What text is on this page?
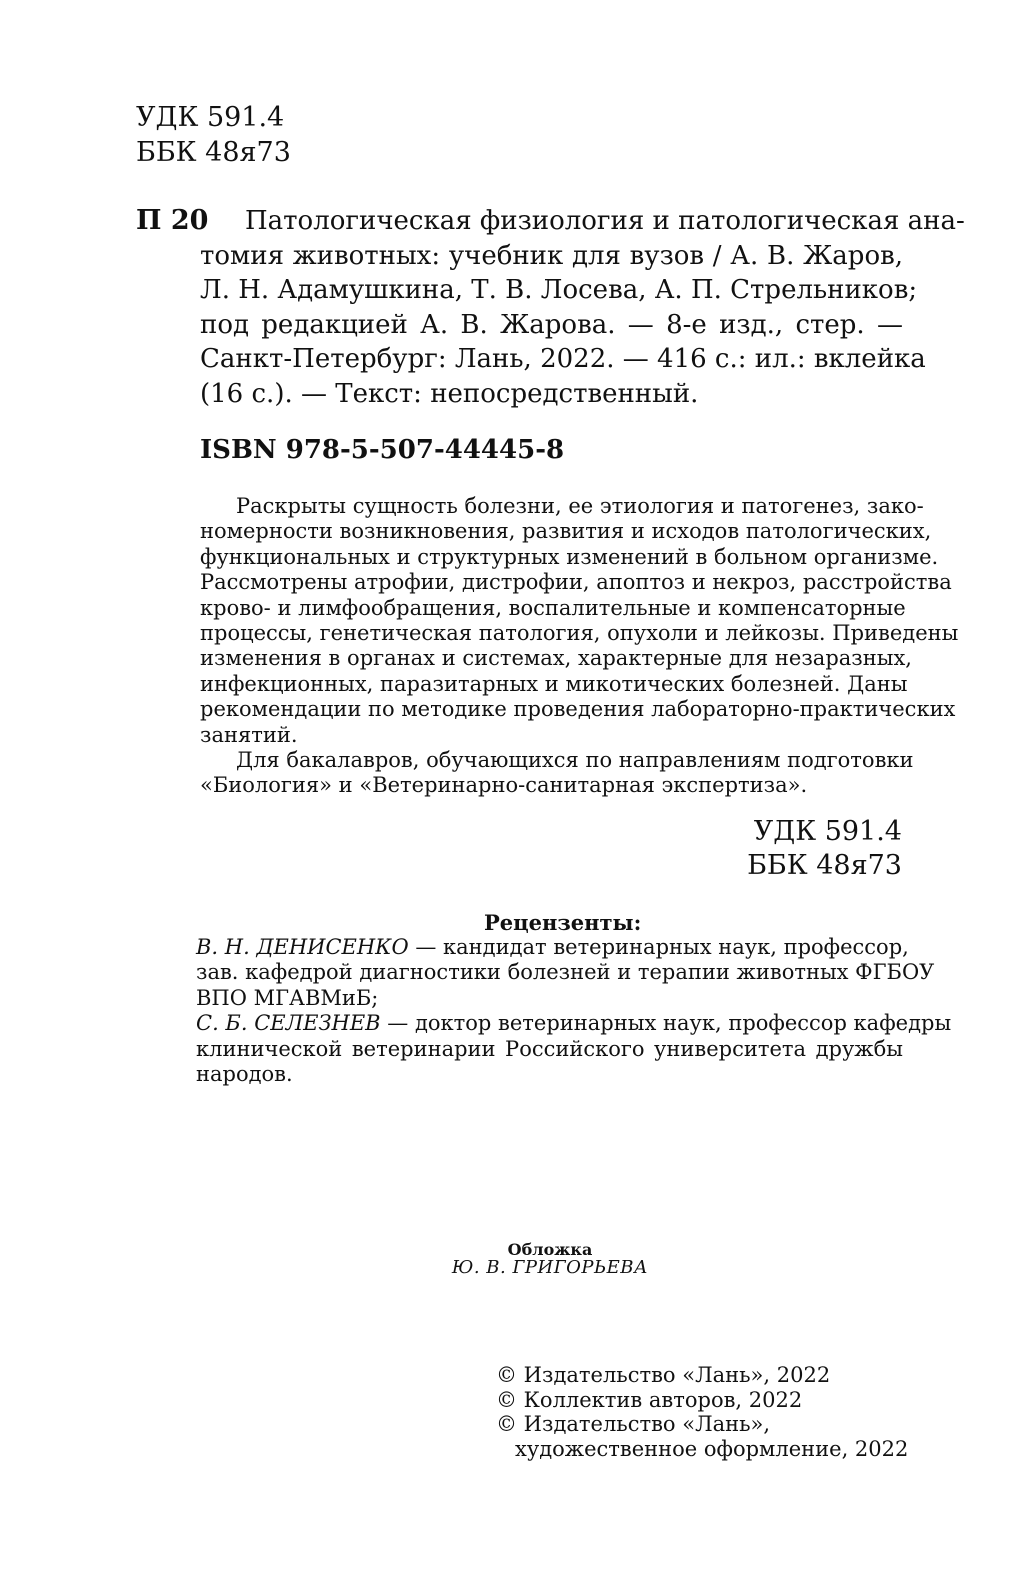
УДК 591.4
ББК 48я73
П 20	Патологическая физиология и патологическая ана-
томия животных: учебник для вузов / А. В. Жаров,
Л. Н. Адамушкина, Т. В. Лосева, А. П. Стрельников;
под редакцией А. В. Жарова. — 8-е изд., стер. —
Санкт-Петербург: Лань, 2022. — 416 с.: ил.: вклейка
(16 с.). — Текст: непосредственный.
ISBN 978-5-507-44445-8
Раскрыты сущность болезни, ее этиология и патогенез, зако-
номерности возникновения, развития и исходов патологических,
функциональных и структурных изменений в больном организме.
Рассмотрены атрофии, дистрофии, апоптоз и некроз, расстройства
крово- и лимфообращения, воспалительные и компенсаторные
процессы, генетическая патология, опухоли и лейкозы. Приведены
изменения в органах и системах, характерные для незаразных,
инфекционных, паразитарных и микотических болезней. Даны
рекомендации по методике проведения лабораторно-практических
занятий.
Для бакалавров, обучающихся по направлениям подготовки
«Биология» и «Ветеринарно-санитарная экспертиза».
УДК 591.4
ББК 48я73
Рецензенты:
В. Н. ДЕНИСЕНКО — кандидат ветеринарных наук, профессор,
зав. кафедрой диагностики болезней и терапии животных ФГБОУ
ВПО МГАВМиБ;
С. Б. СЕЛЕЗНЕВ — доктор ветеринарных наук, профессор кафедры
клинической ветеринарии Российского университета дружбы
народов.
Обложка
Ю. В. ГРИГОРЬЕВА
© Издательство «Лань», 2022
© Коллектив авторов, 2022
© Издательство «Лань»,
художественное оформление, 2022
